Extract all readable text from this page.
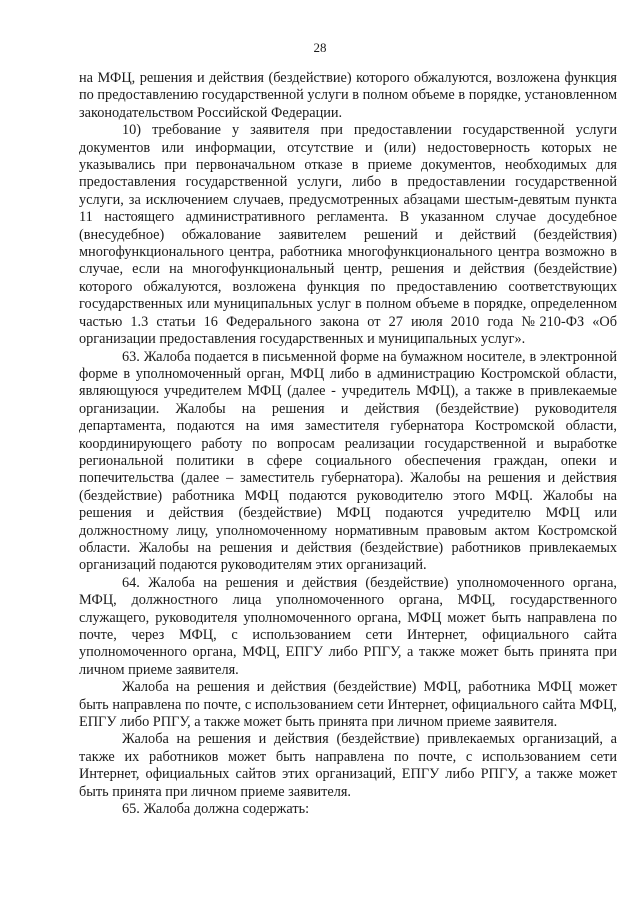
28

на МФЦ, решения и действия (бездействие) которого обжалуются, возложена функция по предоставлению государственной услуги в полном объеме в порядке, установленном законодательством Российской Федерации.

10) требование у заявителя при предоставлении государственной услуги документов или информации, отсутствие и (или) недостоверность которых не указывались при первоначальном отказе в приеме документов, необходимых для предоставления государственной услуги, либо в предоставлении государственной услуги, за исключением случаев, предусмотренных абзацами шестым-девятым пункта 11 настоящего административного регламента. В указанном случае досудебное (внесудебное) обжалование заявителем решений и действий (бездействия) многофункционального центра, работника многофункционального центра возможно в случае, если на многофункциональный центр, решения и действия (бездействие) которого обжалуются, возложена функция по предоставлению соответствующих государственных или муниципальных услуг в полном объеме в порядке, определенном частью 1.3 статьи 16 Федерального закона от 27 июля 2010 года №210-ФЗ «Об организации предоставления государственных и муниципальных услуг».

63. Жалоба подается в письменной форме на бумажном носителе, в электронной форме в уполномоченный орган, МФЦ либо в администрацию Костромской области, являющуюся учредителем МФЦ (далее - учредитель МФЦ), а также в привлекаемые организации. Жалобы на решения и действия (бездействие) руководителя департамента, подаются на имя заместителя губернатора Костромской области, координирующего работу по вопросам реализации государственной и выработке региональной политики в сфере социального обеспечения граждан, опеки и попечительства (далее – заместитель губернатора). Жалобы на решения и действия (бездействие) работника МФЦ подаются руководителю этого МФЦ. Жалобы на решения и действия (бездействие) МФЦ подаются учредителю МФЦ или должностному лицу, уполномоченному нормативным правовым актом Костромской области. Жалобы на решения и действия (бездействие) работников привлекаемых организаций подаются руководителям этих организаций.

64. Жалоба на решения и действия (бездействие) уполномоченного органа, МФЦ, должностного лица уполномоченного органа, МФЦ, государственного служащего, руководителя уполномоченного органа, МФЦ может быть направлена по почте, через МФЦ, с использованием сети Интернет, официального сайта уполномоченного органа, МФЦ, ЕПГУ либо РПГУ, а также может быть принята при личном приеме заявителя.

Жалоба на решения и действия (бездействие) МФЦ, работника МФЦ может быть направлена по почте, с использованием сети Интернет, официального сайта МФЦ, ЕПГУ либо РПГУ, а также может быть принята при личном приеме заявителя.

Жалоба на решения и действия (бездействие) привлекаемых организаций, а также их работников может быть направлена по почте, с использованием сети Интернет, официальных сайтов этих организаций, ЕПГУ либо РПГУ, а также может быть принята при личном приеме заявителя.

65. Жалоба должна содержать:
